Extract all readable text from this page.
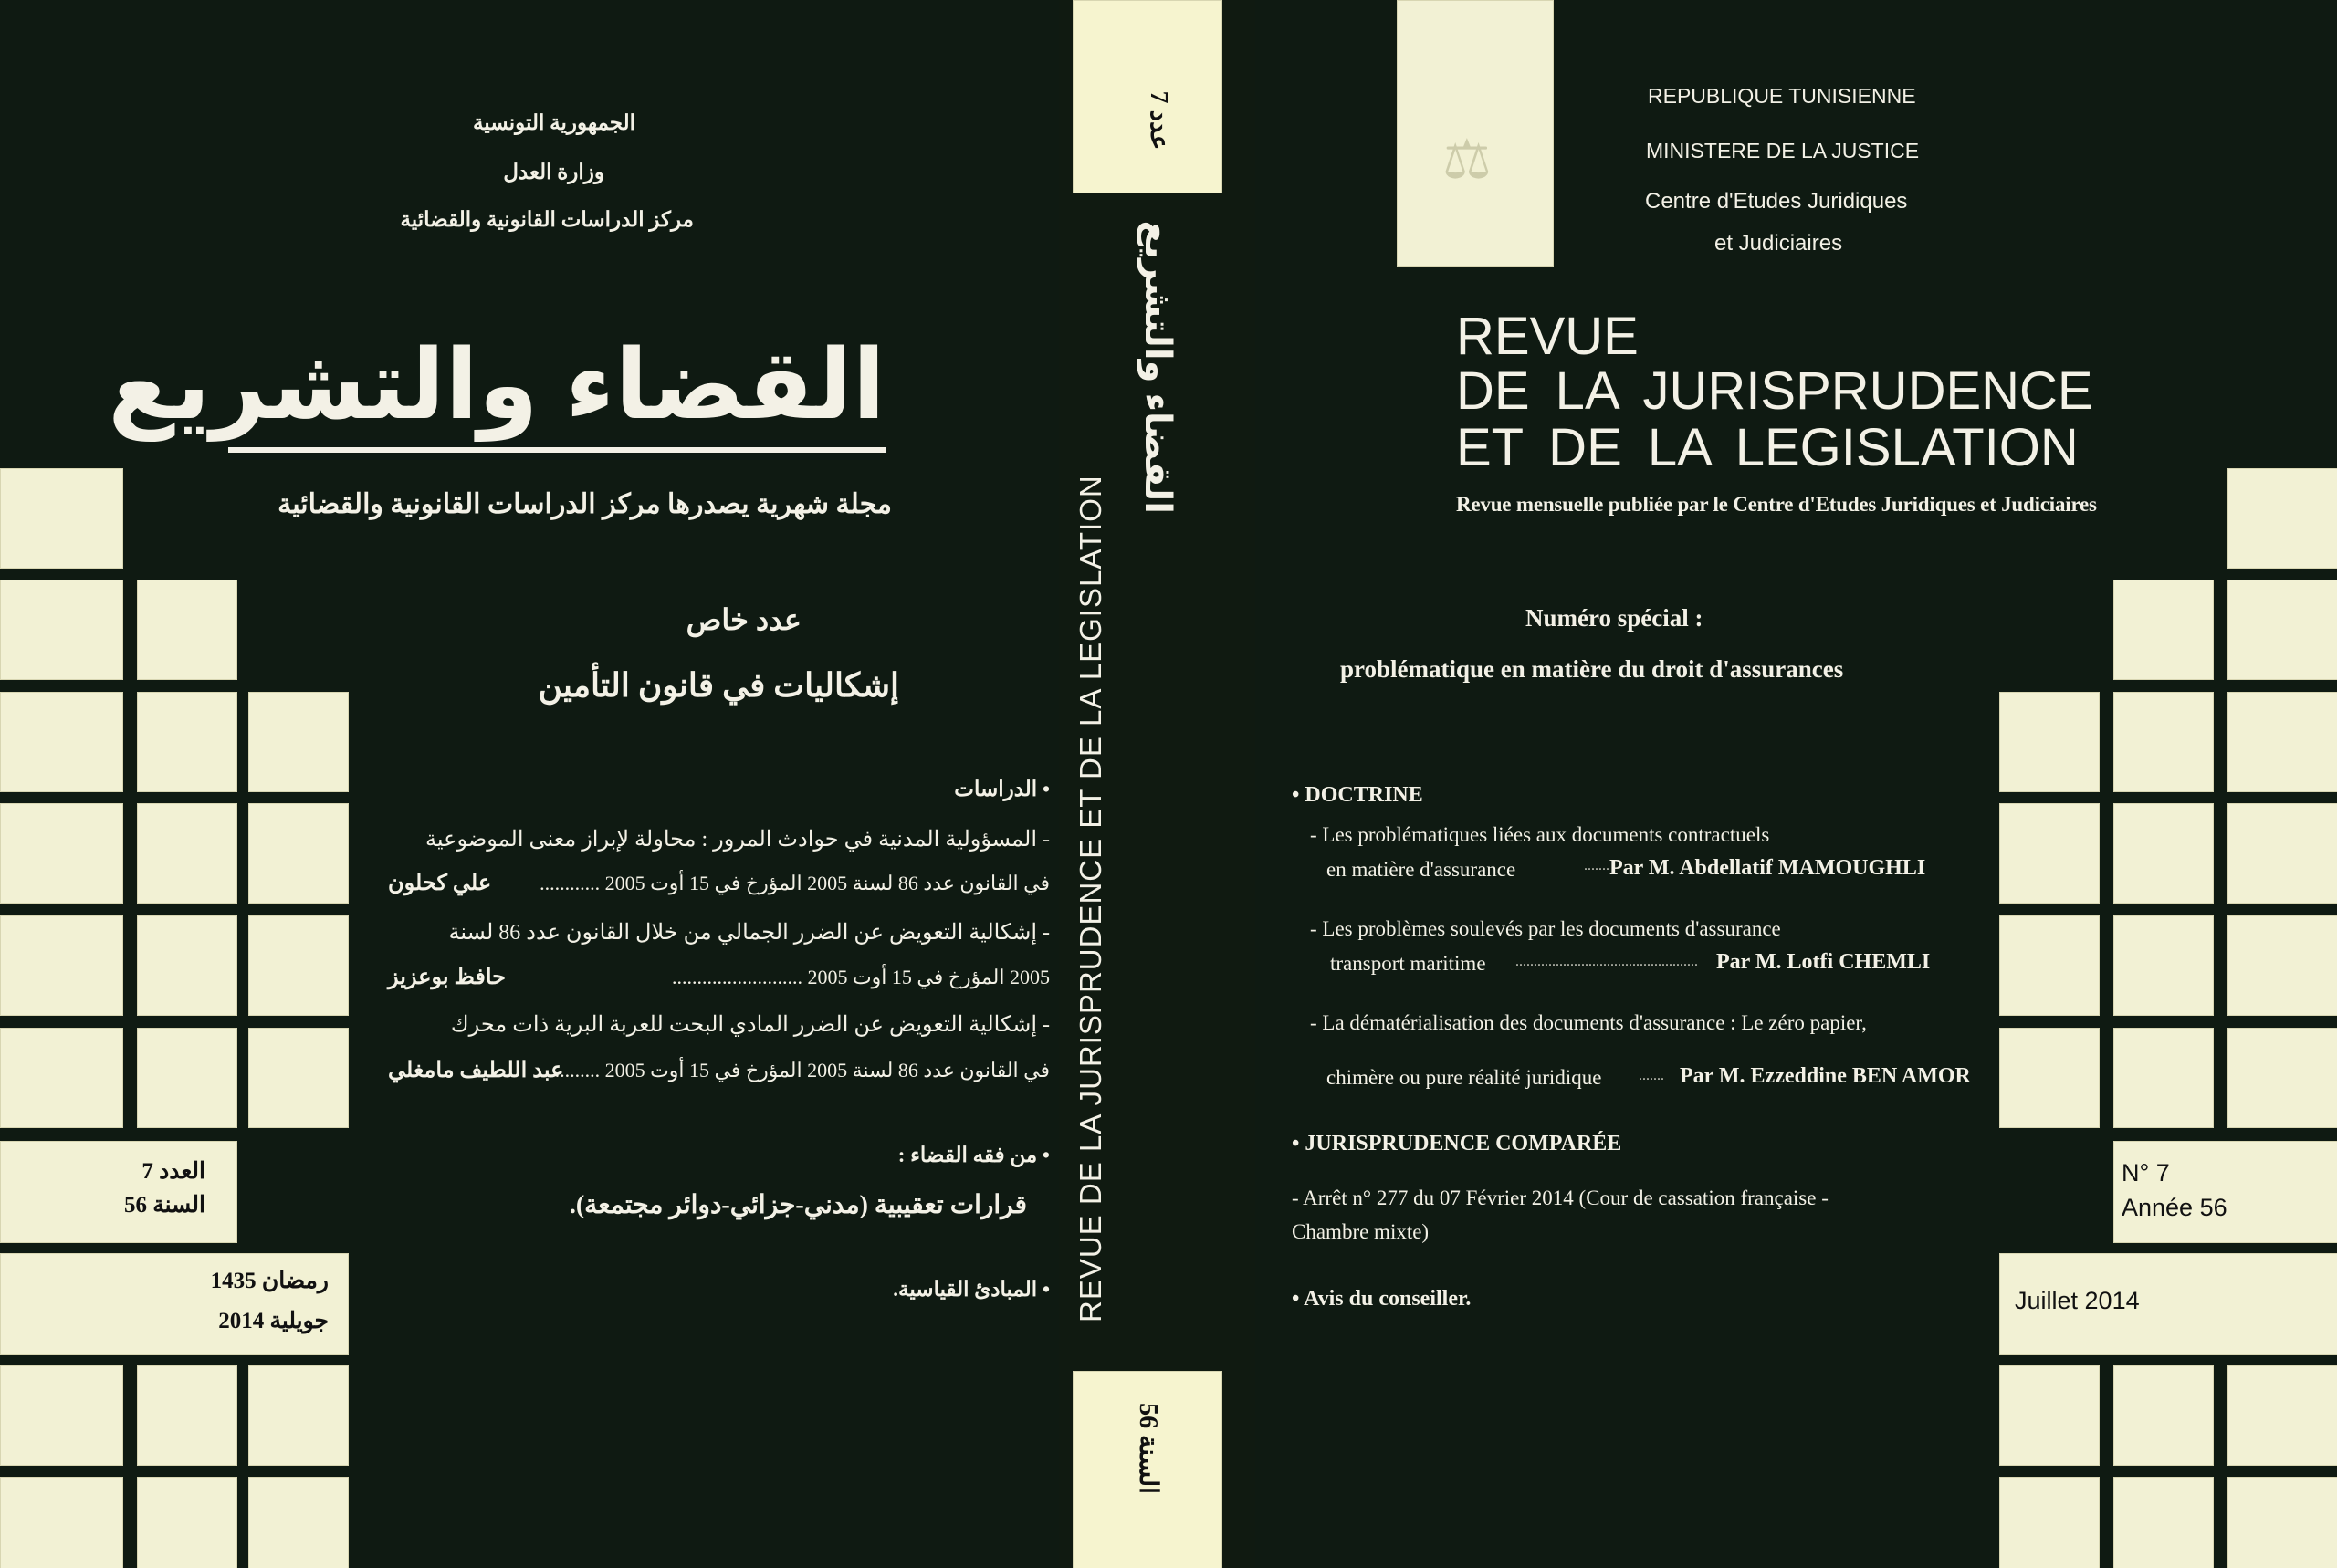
الجمهورية التونسية
وزارة العدل
مركز الدراسات القانونية والقضائية
القضاء والتشريع
مجلة شهرية يصدرها مركز الدراسات القانونية والقضائية
عدد خاص
إشكاليات في قانون التأمين
• الدراسات
- المسؤولية المدنية في حوادث المرور : محاولة لإبراز معنى الموضوعية
في القانون عدد 86 لسنة 2005 المؤرخ في 15 أوت 2005 ............
علي كحلون
- إشكالية التعويض عن الضرر الجمالي من خلال القانون عدد 86 لسنة
2005 المؤرخ في 15 أوت 2005 ..........................
حافظ بوعزيز
- إشكالية التعويض عن الضرر المادي البحت للعربة البرية ذات محرك
في القانون عدد 86 لسنة 2005 المؤرخ في 15 أوت 2005 ..........
عبد اللطيف مامغلي
• من فقه القضاء :
قرارات تعقيبية (مدني-جزائي-دوائر مجتمعة).
• المبادئ القياسية.
العدد 7
السنة 56
رمضان 1435
جويلية 2014
عدد 7
القضاء والتشريع
REVUE DE LA JURISPRUDENCE ET DE LA LEGISLATION
السنة 56
⚖
REPUBLIQUE TUNISIENNE
MINISTERE DE LA JUSTICE
Centre d'Etudes Juridiques
et Judiciaires
REVUE
DE LA JURISPRUDENCE
ET DE LA LEGISLATION
Revue mensuelle publiée par le Centre d'Etudes Juridiques et Judiciaires
Numéro spécial :
problématique en matière du droit d'assurances
• DOCTRINE
- Les problématiques liées aux documents contractuels
en matière d'assurance	....... Par M. Abdellatif MAMOUGHLI
- Les problèmes soulevés par les documents d'assurance
transport maritime .................................................. Par M. Lotfi CHEMLI
- La dématérialisation des documents d'assurance : Le zéro papier,
chimère ou pure réalité juridique	....... Par M. Ezzeddine BEN AMOR
• JURISPRUDENCE COMPARÉE
- Arrêt n° 277 du 07 Février 2014 (Cour de cassation française -
Chambre mixte)
• Avis du conseiller.
N° 7
Année 56
Juillet 2014
